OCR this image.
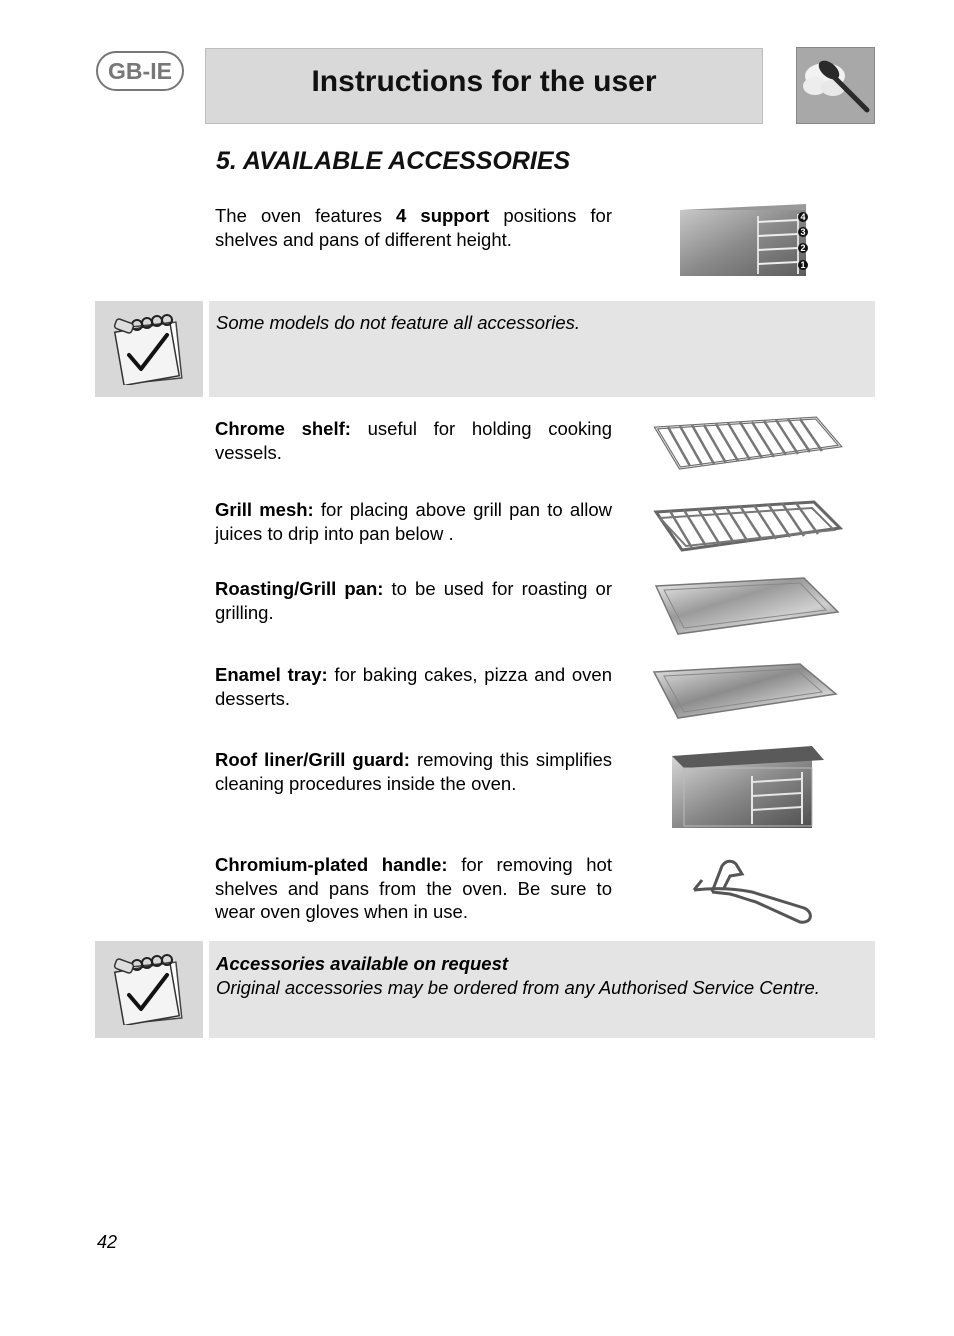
GB-IE	Instructions for the user
5. AVAILABLE ACCESSORIES

The oven features 4 support positions for shelves and pans of different height.

4
3
2
1
Some models do not feature all accessories.

Chrome shelf: useful for holding cooking vessels.

Grill mesh: for placing above grill pan to allow juices to drip into pan below .

Roasting/Grill pan: to be used for roasting or grilling.

Enamel tray: for baking cakes, pizza and oven desserts.

Roof liner/Grill guard: removing this simplifies cleaning procedures inside the oven.

Chromium-plated handle: for removing hot shelves and pans from the oven. Be sure to wear oven gloves when in use.

Accessories available on request
Original accessories may be ordered from any Authorised Service Centre.
42
